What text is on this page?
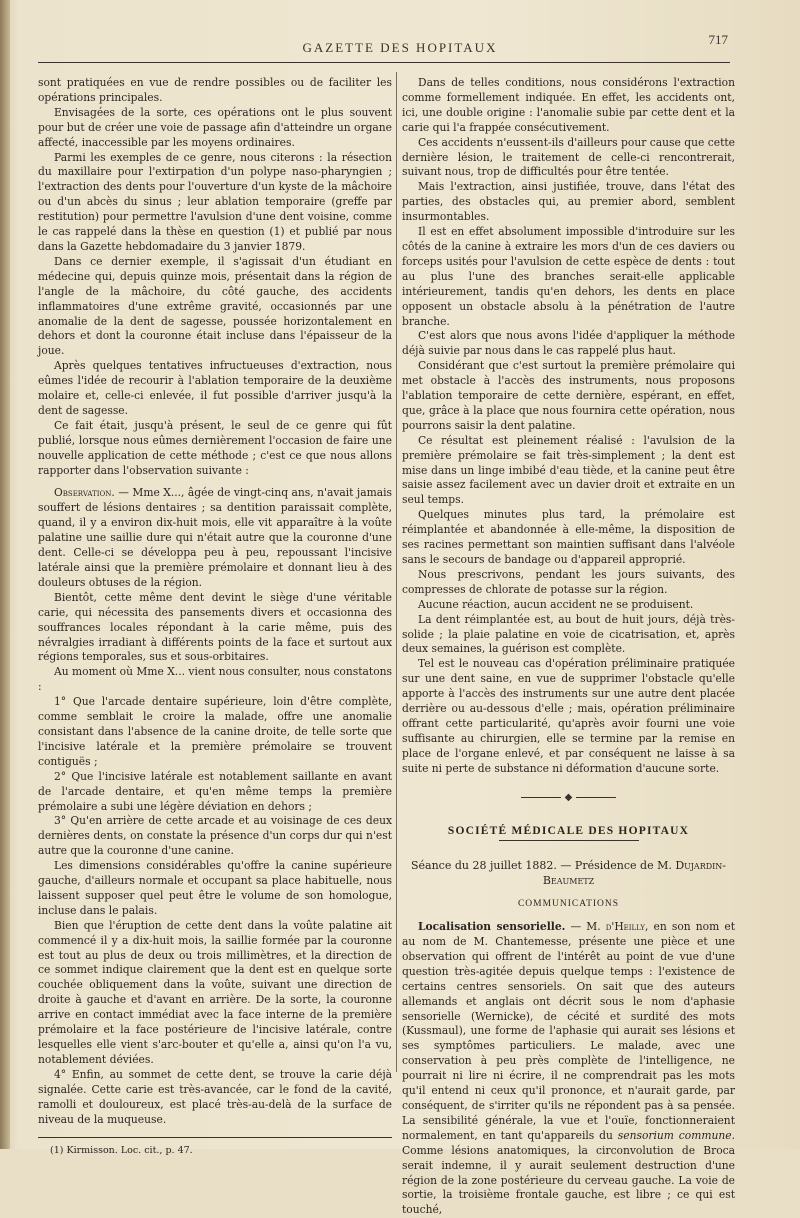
GAZETTE DES HOPITAUX
717

sont pratiquées en vue de rendre possibles ou de faciliter les opérations principales.

Envisagées de la sorte, ces opérations ont le plus souvent pour but de créer une voie de passage afin d'atteindre un organe affecté, inaccessible par les moyens ordinaires.

Parmi les exemples de ce genre, nous citerons : la résection du maxillaire pour l'extirpation d'un polype naso-pharyngien ; l'extraction des dents pour l'ouverture d'un kyste de la mâchoire ou d'un abcès du sinus ; leur ablation temporaire (greffe par restitution) pour permettre l'avulsion d'une dent voisine, comme le cas rappelé dans la thèse en question (1) et publié par nous dans la Gazette hebdomadaire du 3 janvier 1879.

Dans ce dernier exemple, il s'agissait d'un étudiant en médecine qui, depuis quinze mois, présentait dans la région de l'angle de la mâchoire, du côté gauche, des accidents inflammatoires d'une extrême gravité, occasionnés par une anomalie de la dent de sagesse, poussée horizontalement en dehors et dont la couronne était incluse dans l'épaisseur de la joue.

Après quelques tentatives infructueuses d'extraction, nous eûmes l'idée de recourir à l'ablation temporaire de la deuxième molaire et, celle-ci enlevée, il fut possible d'arriver jusqu'à la dent de sagesse.

Ce fait était, jusqu'à présent, le seul de ce genre qui fût publié, lorsque nous eûmes dernièrement l'occasion de faire une nouvelle application de cette méthode ; c'est ce que nous allons rapporter dans l'observation suivante :

Observation. — Mme X..., âgée de vingt-cinq ans, n'avait jamais souffert de lésions dentaires ; sa dentition paraissait complète, quand, il y a environ dix-huit mois, elle vit apparaître à la voûte palatine une saillie dure qui n'était autre que la couronne d'une dent. Celle-ci se développa peu à peu, repoussant l'incisive latérale ainsi que la première prémolaire et donnant lieu à des douleurs obtuses de la région.

Bientôt, cette même dent devint le siège d'une véritable carie, qui nécessita des pansements divers et occasionna des souffrances locales répondant à la carie même, puis des névralgies irradiant à différents points de la face et surtout aux régions temporales, sus et sous-orbitaires.

Au moment où Mme X... vient nous consulter, nous constatons :

1° Que l'arcade dentaire supérieure, loin d'être complète, comme semblait le croire la malade, offre une anomalie consistant dans l'absence de la canine droite, de telle sorte que l'incisive latérale et la première prémolaire se trouvent contiguës ;

2° Que l'incisive latérale est notablement saillante en avant de l'arcade dentaire, et qu'en même temps la première prémolaire a subi une légère déviation en dehors ;

3° Qu'en arrière de cette arcade et au voisinage de ces deux dernières dents, on constate la présence d'un corps dur qui n'est autre que la couronne d'une canine.

Les dimensions considérables qu'offre la canine supérieure gauche, d'ailleurs normale et occupant sa place habituelle, nous laissent supposer quel peut être le volume de son homologue, incluse dans le palais.

Bien que l'éruption de cette dent dans la voûte palatine ait commencé il y a dix-huit mois, la saillie formée par la couronne est tout au plus de deux ou trois millimètres, et la direction de ce sommet indique clairement que la dent est en quelque sorte couchée obliquement dans la voûte, suivant une direction de droite à gauche et d'avant en arrière. De la sorte, la couronne arrive en contact immédiat avec la face interne de la première prémolaire et la face postérieure de l'incisive latérale, contre lesquelles elle vient s'arc-bouter et qu'elle a, ainsi qu'on l'a vu, notablement déviées.

4° Enfin, au sommet de cette dent, se trouve la carie déjà signalée. Cette carie est très-avancée, car le fond de la cavité, ramolli et douloureux, est placé très-au-delà de la surface de niveau de la muqueuse.

(1) Kirmisson. Loc. cit., p. 47.

Dans de telles conditions, nous considérons l'extraction comme formellement indiquée. En effet, les accidents ont, ici, une double origine : l'anomalie subie par cette dent et la carie qui l'a frappée consécutivement.

Ces accidents n'eussent-ils d'ailleurs pour cause que cette dernière lésion, le traitement de celle-ci rencontrerait, suivant nous, trop de difficultés pour être tentée.

Mais l'extraction, ainsi justifiée, trouve, dans l'état des parties, des obstacles qui, au premier abord, semblent insurmontables.

Il est en effet absolument impossible d'introduire sur les côtés de la canine à extraire les mors d'un de ces daviers ou forceps usités pour l'avulsion de cette espèce de dents : tout au plus l'une des branches serait-elle applicable intérieurement, tandis qu'en dehors, les dents en place opposent un obstacle absolu à la pénétration de l'autre branche.

C'est alors que nous avons l'idée d'appliquer la méthode déjà suivie par nous dans le cas rappelé plus haut.

Considérant que c'est surtout la première prémolaire qui met obstacle à l'accès des instruments, nous proposons l'ablation temporaire de cette dernière, espérant, en effet, que, grâce à la place que nous fournira cette opération, nous pourrons saisir la dent palatine.

Ce résultat est pleinement réalisé : l'avulsion de la première prémolaire se fait très-simplement ; la dent est mise dans un linge imbibé d'eau tiède, et la canine peut être saisie assez facilement avec un davier droit et extraite en un seul temps.

Quelques minutes plus tard, la prémolaire est réimplantée et abandonnée à elle-même, la disposition de ses racines permettant son maintien suffisant dans l'alvéole sans le secours de bandage ou d'appareil approprié.

Nous prescrivons, pendant les jours suivants, des compresses de chlorate de potasse sur la région.

Aucune réaction, aucun accident ne se produisent.

La dent réimplantée est, au bout de huit jours, déjà très-solide ; la plaie palatine en voie de cicatrisation, et, après deux semaines, la guérison est complète.

Tel est le nouveau cas d'opération préliminaire pratiquée sur une dent saine, en vue de supprimer l'obstacle qu'elle apporte à l'accès des instruments sur une autre dent placée derrière ou au-dessous d'elle ; mais, opération préliminaire offrant cette particularité, qu'après avoir fourni une voie suffisante au chirurgien, elle se termine par la remise en place de l'organe enlevé, et par conséquent ne laisse à sa suite ni perte de substance ni déformation d'aucune sorte.

◆
SOCIÉTÉ MÉDICALE DES HOPITAUX
Séance du 28 juillet 1882. — Présidence de M. Dujardin-Beaumetz
COMMUNICATIONS

Localisation sensorielle. — M. d'Heilly, en son nom et au nom de M. Chantemesse, présente une pièce et une observation qui offrent de l'intérêt au point de vue d'une question très-agitée depuis quelque temps : l'existence de certains centres sensoriels. On sait que des auteurs allemands et anglais ont décrit sous le nom d'aphasie sensorielle (Wernicke), de cécité et surdité des mots (Kussmaul), une forme de l'aphasie qui aurait ses lésions et ses symptômes particuliers. Le malade, avec une conservation à peu près complète de l'intelligence, ne pourrait ni lire ni écrire, il ne comprendrait pas les mots qu'il entend ni ceux qu'il prononce, et n'aurait garde, par conséquent, de s'irriter qu'ils ne répondent pas à sa pensée. La sensibilité générale, la vue et l'ouïe, fonctionneraient normalement, en tant qu'appareils du sensorium commune. Comme lésions anatomiques, la circonvolution de Broca serait indemne, il y aurait seulement destruction d'une région de la zone postérieure du cerveau gauche. La voie de sortie, la troisième frontale gauche, est libre ; ce qui est touché,
